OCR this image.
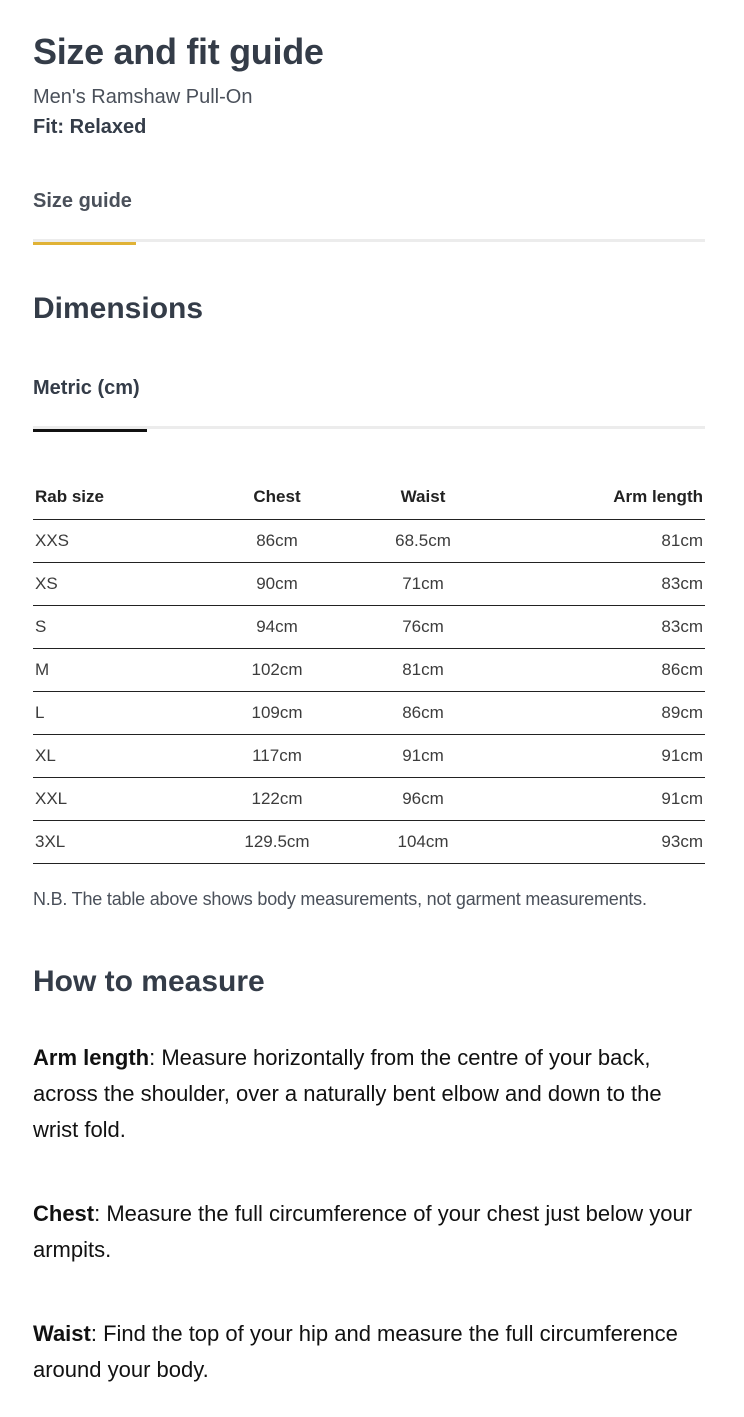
Size and fit guide
Men's Ramshaw Pull-On
Fit: Relaxed
Size guide
Dimensions
Metric (cm)
Rab size	Chest	Waist	Arm length
XXS	86cm	68.5cm	81cm
XS	90cm	71cm	83cm
S	94cm	76cm	83cm
M	102cm	81cm	86cm
L	109cm	86cm	89cm
XL	117cm	91cm	91cm
XXL	122cm	96cm	91cm
3XL	129.5cm	104cm	93cm

N.B. The table above shows body measurements, not garment measurements.

How to measure

Arm length: Measure horizontally from the centre of your back, across the shoulder, over a naturally bent elbow and down to the wrist fold.

Chest: Measure the full circumference of your chest just below your armpits.

Waist: Find the top of your hip and measure the full circumference around your body.
